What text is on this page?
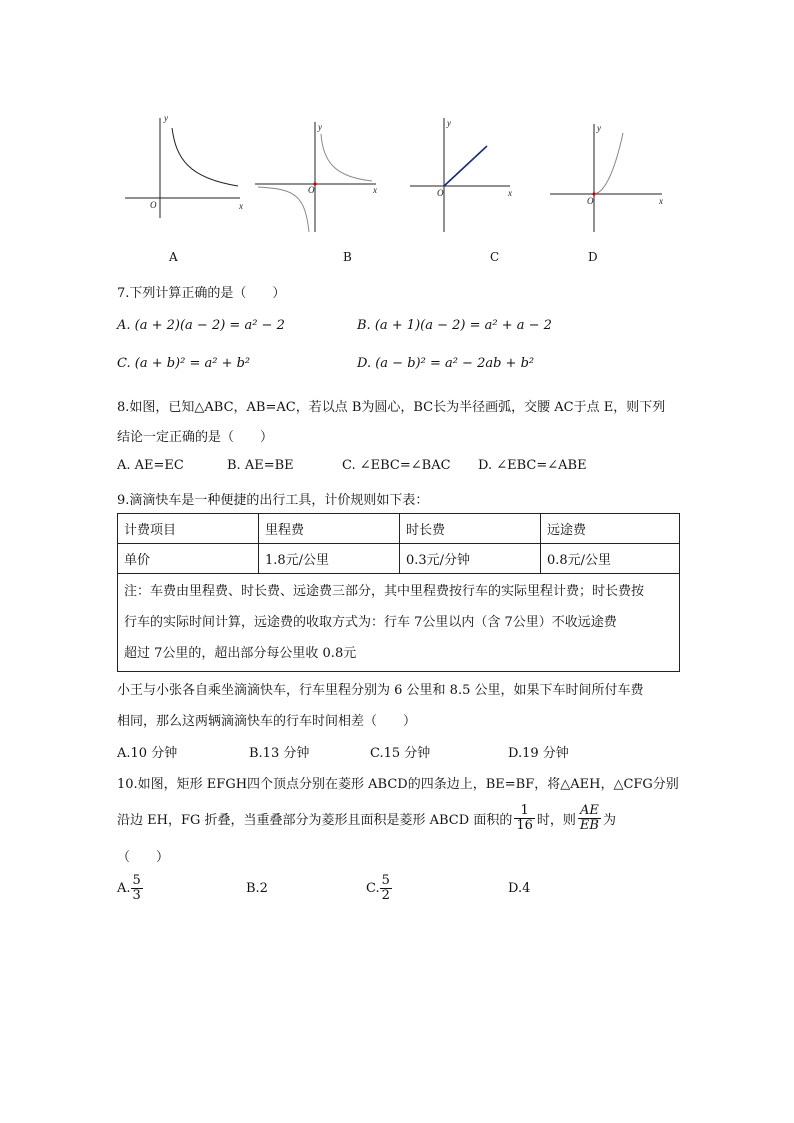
y
x
O
y
x
O
y
x
O
y
x
O
A	B	C	D
7.下列计算正确的是（　　）
A. (a + 2)(a − 2) = a² − 2	B. (a + 1)(a − 2) = a² + a − 2
C. (a + b)² = a² + b²	D. (a − b)² = a² − 2ab + b²
8.如图，已知△ABC，AB=AC，若以点 B为圆心，BC长为半径画弧，交腰 AC于点 E，则下列
结论一定正确的是（　　）
A. AE=EC	B. AE=BE	C. ∠EBC=∠BAC D. ∠EBC=∠ABE
9.滴滴快车是一种便捷的出行工具，计价规则如下表：
计费项目	里程费	时长费	远途费
单价	1.8元/公里	0.3元/分钟	0.8元/公里

注：车费由里程费、时长费、远途费三部分，其中里程费按行车的实际里程计费；时长费按
行车的实际时间计算，远途费的收取方式为：行车 7公里以内（含 7公里）不收远途费
超过 7公里的，超出部分每公里收 0.8元			
小王与小张各自乘坐滴滴快车，行车里程分别为 6 公里和 8.5 公里，如果下车时间所付车费
相同，那么这两辆滴滴快车的行车时间相差（　　）
A.10 分钟	B.13 分钟	C.15 分钟	D.19 分钟
10.如图，矩形 EFGH四个顶点分别在菱形 ABCD的四条边上，BE=BF，将△AEH，△CFG分别
沿边 EH，FG 折叠，当重叠部分为菱形且面积是菱形 ABCD 面积的 $\frac{1}{16}$ 时，则 $\frac{AE}{EB}$ 为
（　　）
A. $\frac{5}{3}$	B.2	C. $\frac{5}{2}$	D.4
